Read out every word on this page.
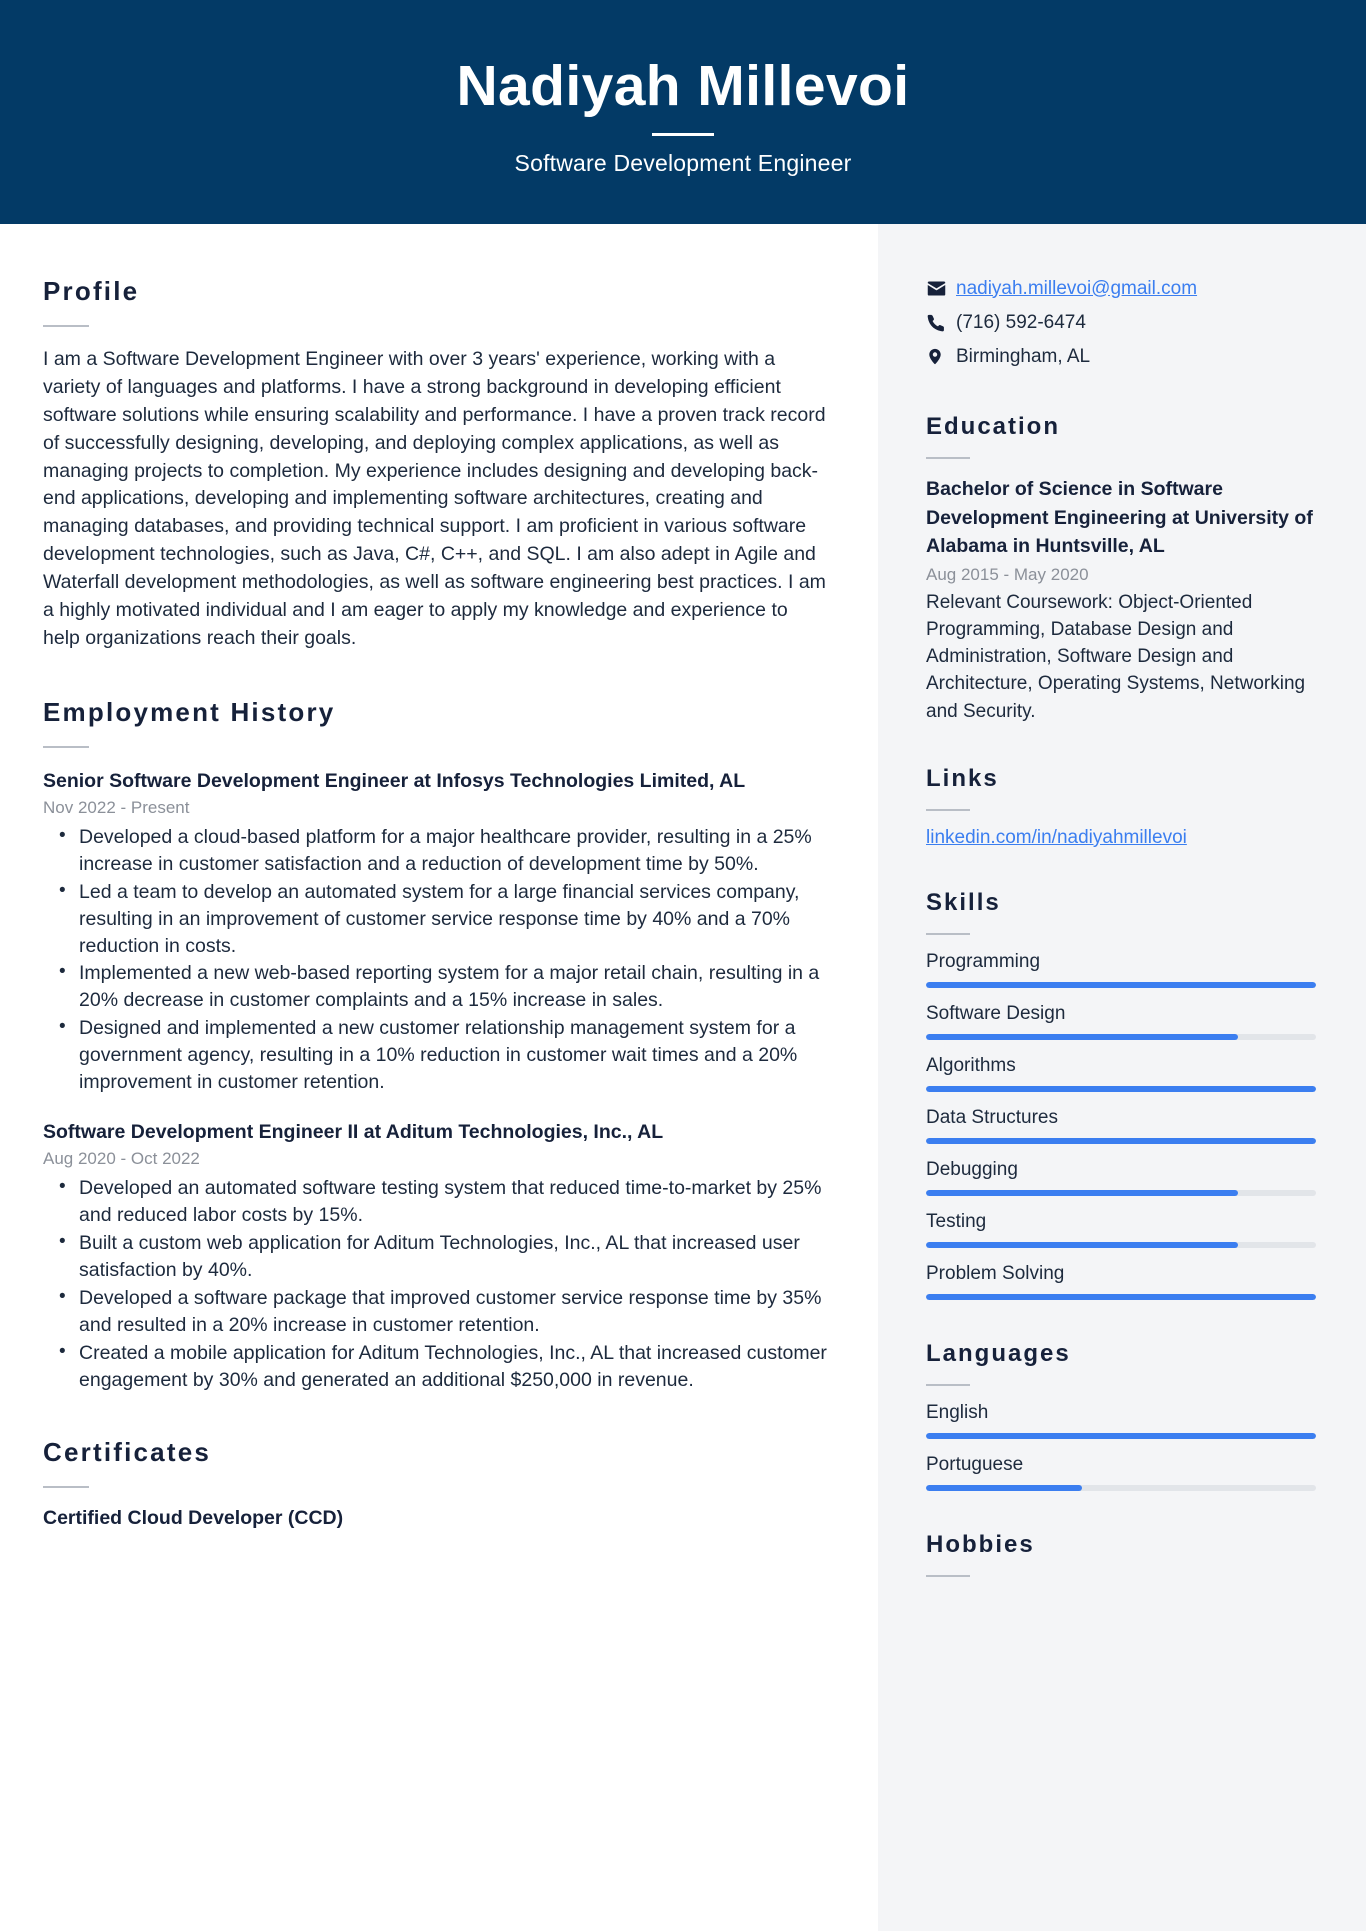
Nadiyah Millevoi
Software Development Engineer
Profile
I am a Software Development Engineer with over 3 years' experience, working with a variety of languages and platforms. I have a strong background in developing efficient software solutions while ensuring scalability and performance. I have a proven track record of successfully designing, developing, and deploying complex applications, as well as managing projects to completion. My experience includes designing and developing back-end applications, developing and implementing software architectures, creating and managing databases, and providing technical support. I am proficient in various software development technologies, such as Java, C#, C++, and SQL. I am also adept in Agile and Waterfall development methodologies, as well as software engineering best practices. I am a highly motivated individual and I am eager to apply my knowledge and experience to help organizations reach their goals.
Employment History
Senior Software Development Engineer at Infosys Technologies Limited, AL
Nov 2022 - Present
• Developed a cloud-based platform for a major healthcare provider, resulting in a 25% increase in customer satisfaction and a reduction of development time by 50%.
• Led a team to develop an automated system for a large financial services company, resulting in an improvement of customer service response time by 40% and a 70% reduction in costs.
• Implemented a new web-based reporting system for a major retail chain, resulting in a 20% decrease in customer complaints and a 15% increase in sales.
• Designed and implemented a new customer relationship management system for a government agency, resulting in a 10% reduction in customer wait times and a 20% improvement in customer retention.
Software Development Engineer II at Aditum Technologies, Inc., AL
Aug 2020 - Oct 2022
• Developed an automated software testing system that reduced time-to-market by 25% and reduced labor costs by 15%.
• Built a custom web application for Aditum Technologies, Inc., AL that increased user satisfaction by 40%.
• Developed a software package that improved customer service response time by 35% and resulted in a 20% increase in customer retention.
• Created a mobile application for Aditum Technologies, Inc., AL that increased customer engagement by 30% and generated an additional $250,000 in revenue.
Certificates
Certified Cloud Developer (CCD)
nadiyah.millevoi@gmail.com
(716) 592-6474
Birmingham, AL
Education
Bachelor of Science in Software Development Engineering at University of Alabama in Huntsville, AL
Aug 2015 - May 2020
Relevant Coursework: Object-Oriented Programming, Database Design and Administration, Software Design and Architecture, Operating Systems, Networking and Security.
Links
linkedin.com/in/nadiyahmillevoi
Skills
Programming
Software Design
Algorithms
Data Structures
Debugging
Testing
Problem Solving
Languages
English
Portuguese
Hobbies
